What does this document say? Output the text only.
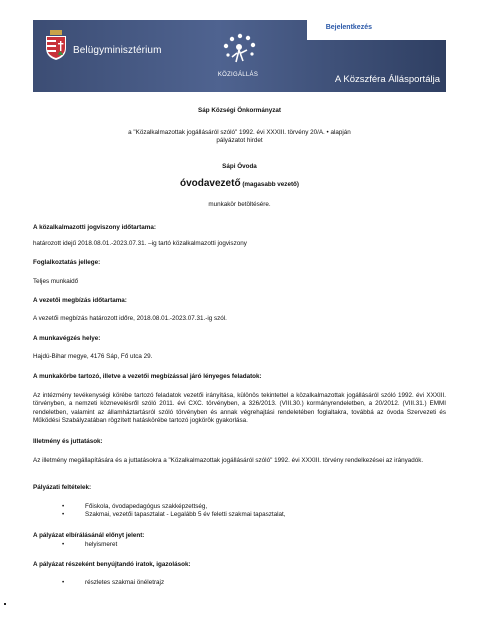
Belügyminisztérium
KÖZIGÁLLÁS	A Közszféra Állásportálja
Bejelentkezés
Sáp Községi Önkormányzat
a "Közalkalmazottak jogállásáról szóló" 1992. évi XXXIII. törvény 20/A. • alapján
pályázatot hirdet
Sápi Óvoda
óvodavezető (magasabb vezető)
munkakör betöltésére.
A közalkalmazotti jogviszony időtartama:
határozott idejű 2018.08.01.-2023.07.31. –ig tartó közalkalmazotti jogviszony
Foglalkoztatás jellege:
Teljes munkaidő
A vezetői megbízás időtartama:
A vezetői megbízás határozott időre, 2018.08.01.-2023.07.31.-ig szól.
A munkavégzés helye:
Hajdú-Bihar megye, 4176 Sáp, Fő utca 29.
A munkakörbe tartozó, illetve a vezetői megbízással járó lényeges feladatok:
Az intézmény tevékenységi körébe tartozó feladatok vezetői irányítása, különös tekintettel a közalkalmazottak jogállásáról szóló 1992. évi XXXIII. törvényben, a nemzeti köznevelésről szóló 2011. évi CXC. törvényben, a 326/2013. (VIII.30.) kormányrendeletben, a 20/2012. (VIII.31.) EMMI rendeletben, valamint az államháztartásról szóló törvényben és annak végrehajtási rendeletében foglaltakra, továbbá az óvoda Szervezeti és Működési Szabályzatában rögzített hatáskörébe tartozó jogkörök gyakorlása.
Illetmény és juttatások:
Az illetmény megállapítására és a juttatásokra a "Közalkalmazottak jogállásáról szóló" 1992. évi XXXIII. törvény rendelkezései az irányadók.
Pályázati feltételek:
• Főiskola, óvodapedagógus szakképzettség,
• Szakmai, vezetői tapasztalat - Legalább 5 év feletti szakmai tapasztalat,
A pályázat elbírálásánál előnyt jelent:
• helyismeret
A pályázat részeként benyújtandó iratok, igazolások:
• részletes szakmai önéletrajz
